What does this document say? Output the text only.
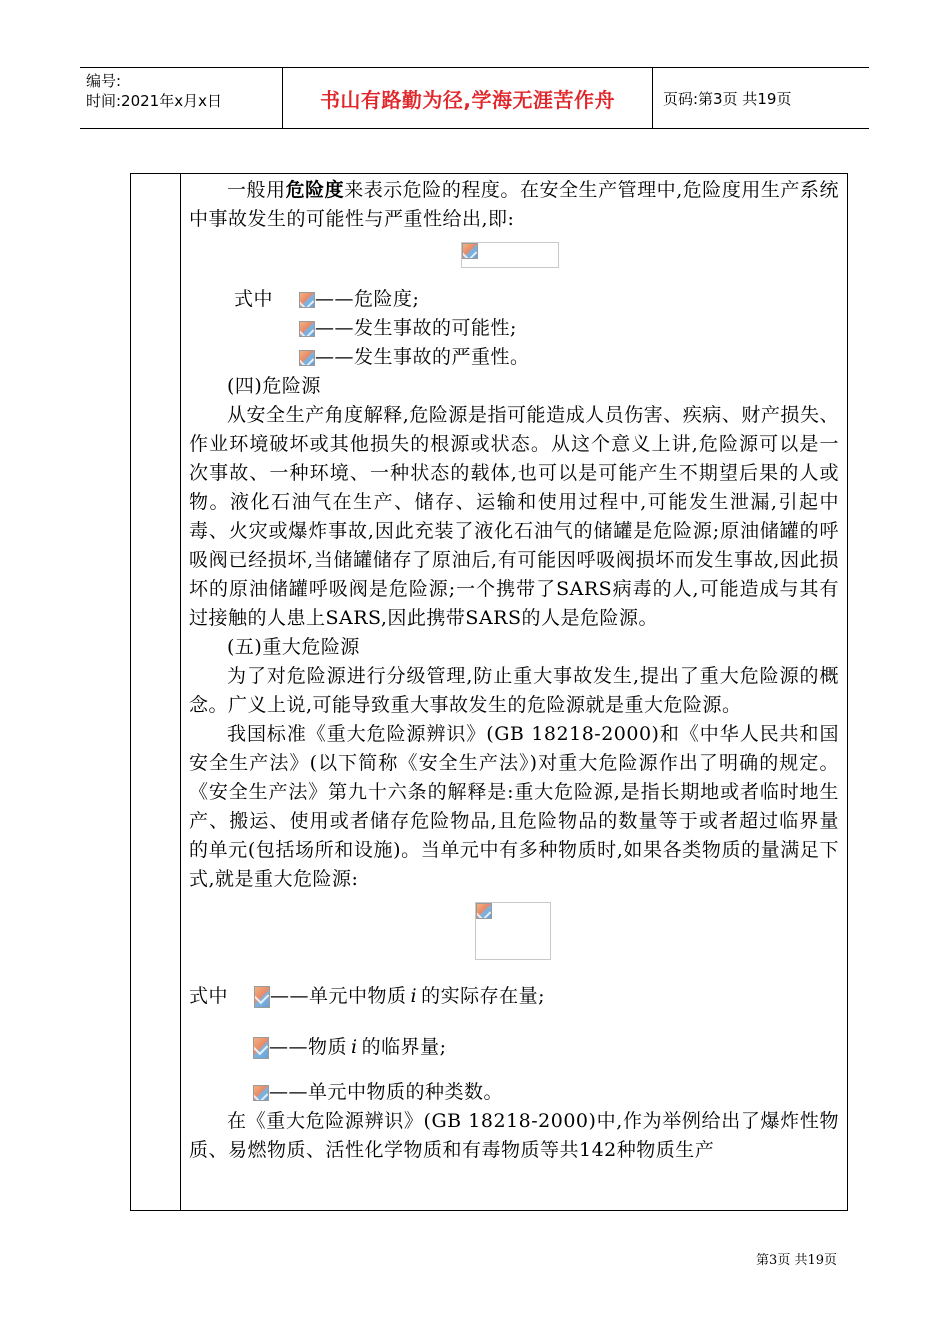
编号:
时间:2021年x月x日	书山有路勤为径,学海无涯苦作舟	页码:第3页 共19页

一般用危险度来表示危险的程度。在安全生产管理中,危险度用生产系统中事故发生的可能性与严重性给出,即:

式中 ——危险度;
——发生事故的可能性;
——发生事故的严重性。

(四)危险源

从安全生产角度解释,危险源是指可能造成人员伤害、疾病、财产损失、作业环境破坏或其他损失的根源或状态。从这个意义上讲,危险源可以是一次事故、一种环境、一种状态的载体,也可以是可能产生不期望后果的人或物。液化石油气在生产、储存、运输和使用过程中,可能发生泄漏,引起中毒、火灾或爆炸事故,因此充装了液化石油气的储罐是危险源;原油储罐的呼吸阀已经损坏,当储罐储存了原油后,有可能因呼吸阀损坏而发生事故,因此损坏的原油储罐呼吸阀是危险源;一个携带了SARS病毒的人,可能造成与其有过接触的人患上SARS,因此携带SARS的人是危险源。

(五)重大危险源

为了对危险源进行分级管理,防止重大事故发生,提出了重大危险源的概念。广义上说,可能导致重大事故发生的危险源就是重大危险源。

我国标准《重大危险源辨识》(GB 18218-2000)和《中华人民共和国安全生产法》(以下简称《安全生产法》)对重大危险源作出了明确的规定。《安全生产法》第九十六条的解释是:重大危险源,是指长期地或者临时地生产、搬运、使用或者储存危险物品,且危险物品的数量等于或者超过临界量的单元(包括场所和设施)。当单元中有多种物质时,如果各类物质的量满足下式,就是重大危险源:

式中 ——单元中物质 i 的实际存在量;
——物质 i 的临界量;
——单元中物质的种类数。

在《重大危险源辨识》(GB 18218-2000)中,作为举例给出了爆炸性物质、易燃物质、活性化学物质和有毒物质等共142种物质生产

第3页 共19页
